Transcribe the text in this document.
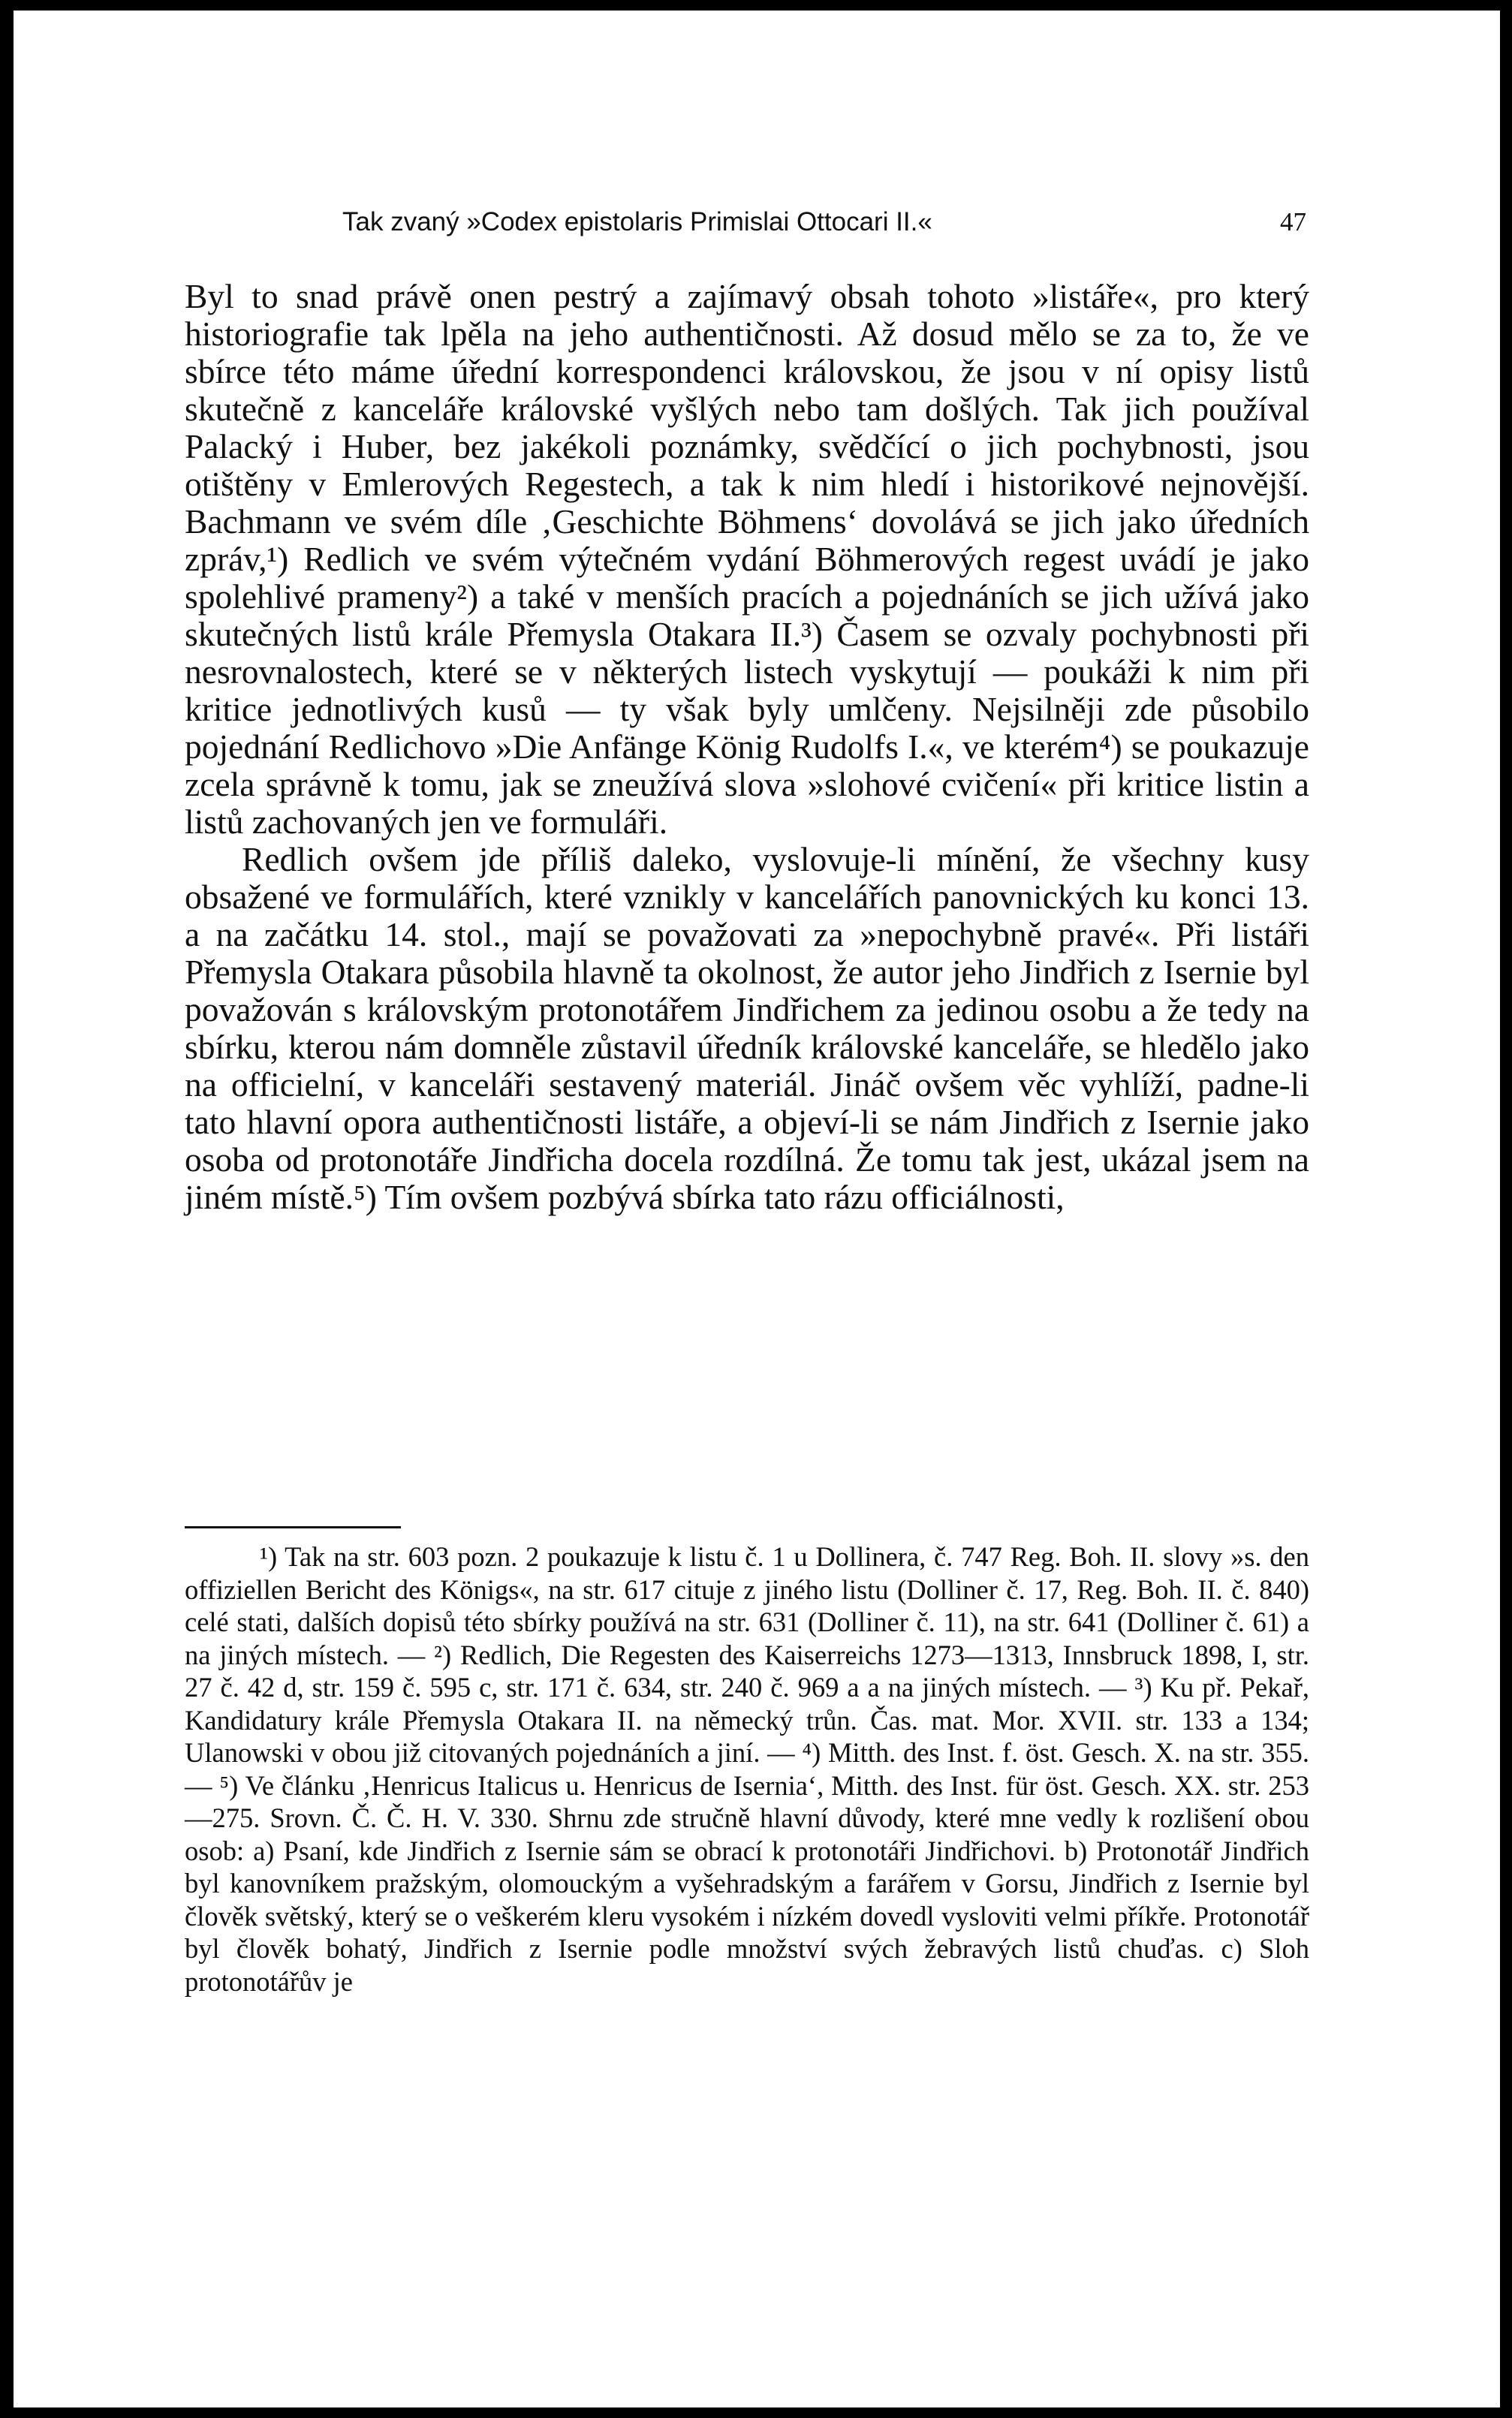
Tak zvaný »Codex epistolaris Primislai Ottocari II.«	47

Byl to snad právě onen pestrý a zajímavý obsah tohoto »listáře«, pro který historiografie tak lpěla na jeho authentičnosti. Až dosud mělo se za to, že ve sbírce této máme úřední korrespondenci královskou, že jsou v ní opisy listů skutečně z kanceláře královské vyšlých nebo tam došlých. Tak jich používal Palacký i Huber, bez jakékoli poznámky, svědčící o jich pochybnosti, jsou otištěny v Emlerových Regestech, a tak k nim hledí i historikové nejnovější. Bachmann ve svém díle ‚Geschichte Böhmens‘ dovolává se jich jako úředních zpráv,¹) Redlich ve svém výtečném vydání Böhmerových regest uvádí je jako spolehlivé prameny²) a také v menších pracích a pojednáních se jich užívá jako skutečných listů krále Přemysla Otakara II.³) Časem se ozvaly pochybnosti při nesrovnalostech, které se v některých listech vyskytují — poukáži k nim při kritice jednotlivých kusů — ty však byly umlčeny. Nejsilněji zde působilo pojednání Redlichovo »Die Anfänge König Rudolfs I.«, ve kterém⁴) se poukazuje zcela správně k tomu, jak se zneužívá slova »slohové cvičení« při kritice listin a listů zachovaných jen ve formuláři.

Redlich ovšem jde příliš daleko, vyslovuje-li mínění, že všechny kusy obsažené ve formulářích, které vznikly v kancelářích panovnických ku konci 13. a na začátku 14. stol., mají se považovati za »nepochybně pravé«. Při listáři Přemysla Otakara působila hlavně ta okolnost, že autor jeho Jindřich z Isernie byl považován s královským protonotářem Jindřichem za jedinou osobu a že tedy na sbírku, kterou nám domněle zůstavil úředník královské kanceláře, se hledělo jako na officielní, v kanceláři sestavený materiál. Jináč ovšem věc vyhlíží, padne-li tato hlavní opora authentičnosti listáře, a objeví-li se nám Jindřich z Isernie jako osoba od protonotáře Jindřicha docela rozdílná. Že tomu tak jest, ukázal jsem na jiném místě.⁵) Tím ovšem pozbývá sbírka tato rázu officiálnosti,

¹) Tak na str. 603 pozn. 2 poukazuje k listu č. 1 u Dollinera, č. 747 Reg. Boh. II. slovy »s. den offiziellen Bericht des Königs«, na str. 617 cituje z jiného listu (Dolliner č. 17, Reg. Boh. II. č. 840) celé stati, dalších dopisů této sbírky používá na str. 631 (Dolliner č. 11), na str. 641 (Dolliner č. 61) a na jiných místech. — ²) Redlich, Die Regesten des Kaiserreichs 1273—1313, Innsbruck 1898, I, str. 27 č. 42 d, str. 159 č. 595 c, str. 171 č. 634, str. 240 č. 969 a a na jiných místech. — ³) Ku př. Pekař, Kandidatury krále Přemysla Otakara II. na německý trůn. Čas. mat. Mor. XVII. str. 133 a 134; Ulanowski v obou již citovaných pojednáních a jiní. — ⁴) Mitth. des Inst. f. öst. Gesch. X. na str. 355. — ⁵) Ve článku ‚Henricus Italicus u. Henricus de Isernia‘, Mitth. des Inst. für öst. Gesch. XX. str. 253—275. Srovn. Č. Č. H. V. 330. Shrnu zde stručně hlavní důvody, které mne vedly k rozlišení obou osob: a) Psaní, kde Jindřich z Isernie sám se obrací k protonotáři Jindřichovi. b) Protonotář Jindřich byl kanovníkem pražským, olomouckým a vyšehradským a farářem v Gorsu, Jindřich z Isernie byl člověk světský, který se o veškerém kleru vysokém i nízkém dovedl vysloviti velmi příkře. Protonotář byl člověk bohatý, Jindřich z Isernie podle množství svých žebravých listů chuďas. c) Sloh protonotářův je
